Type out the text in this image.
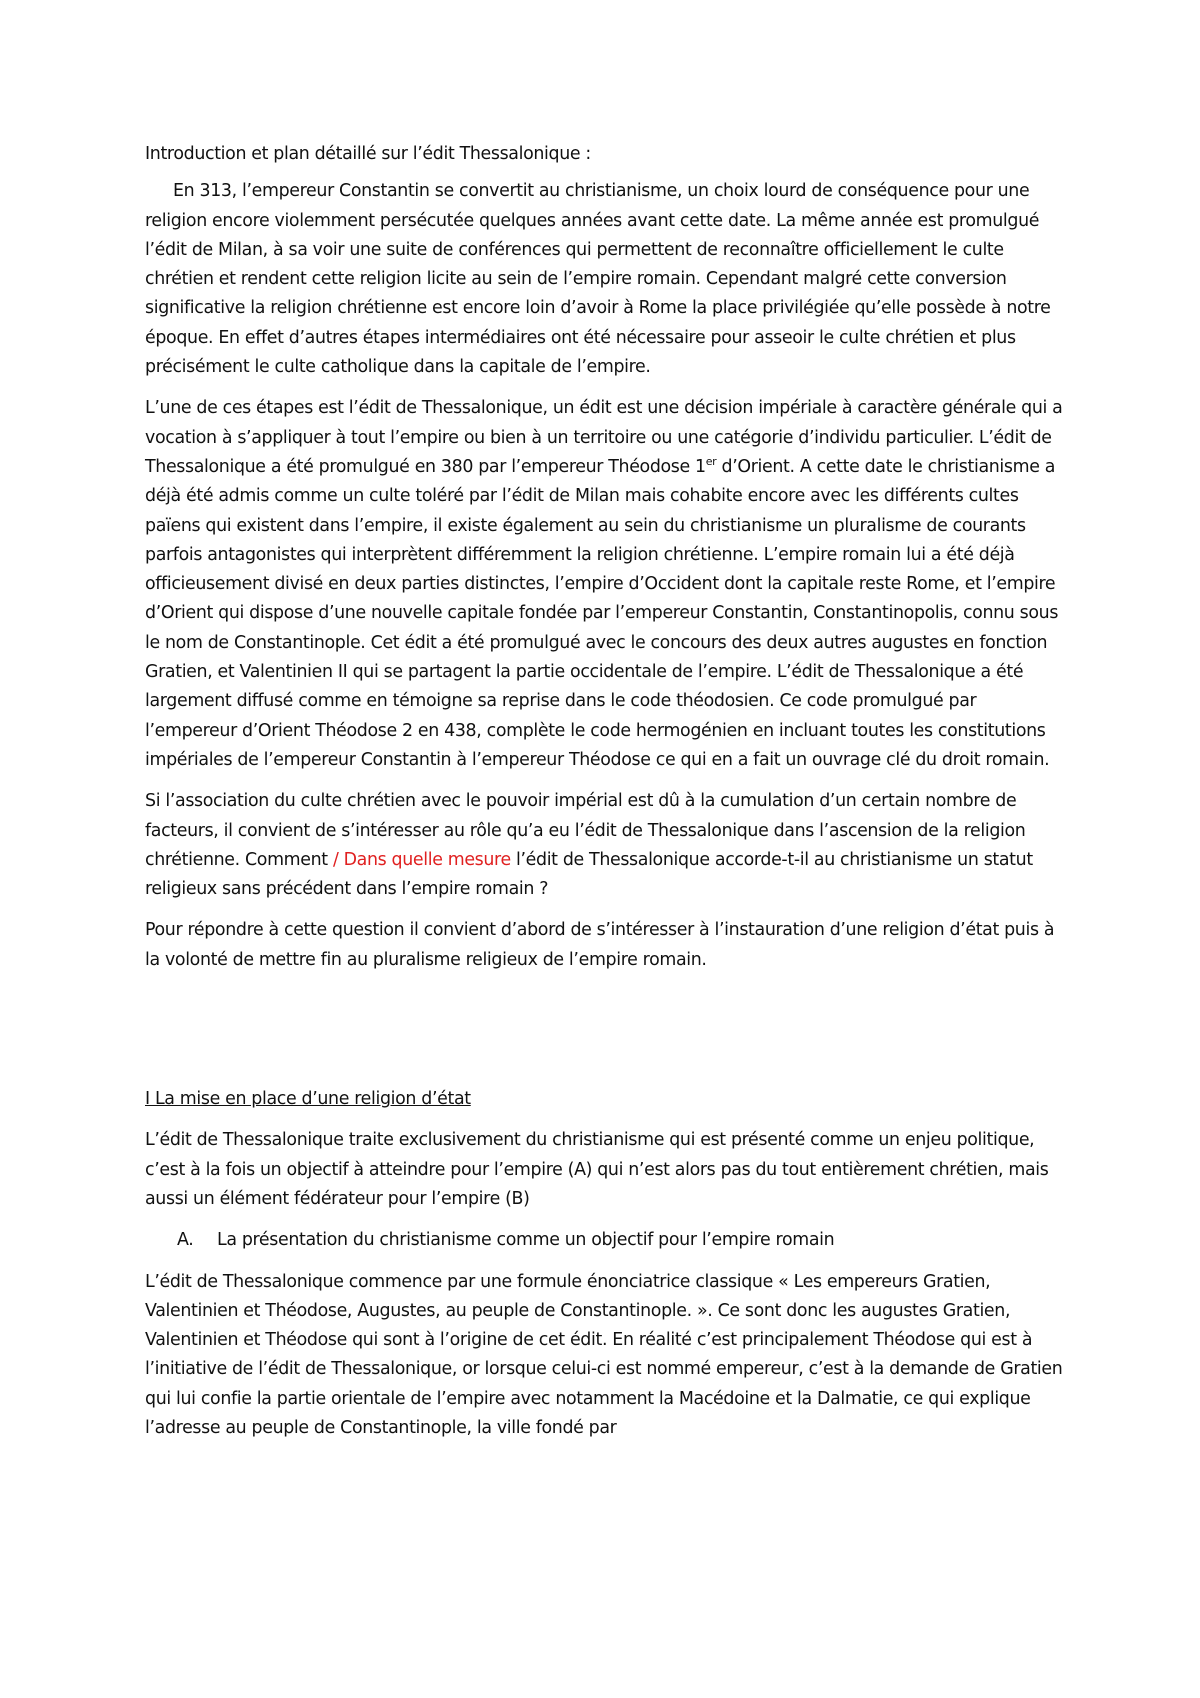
Introduction et plan détaillé sur l’édit Thessalonique :

En 313, l’empereur Constantin se convertit au christianisme, un choix lourd de conséquence pour une religion encore violemment persécutée quelques années avant cette date. La même année est promulgué l’édit de Milan, à sa voir une suite de conférences qui permettent de reconnaître officiellement le culte chrétien et rendent cette religion licite au sein de l’empire romain. Cependant malgré cette conversion significative la religion chrétienne est encore loin d’avoir à Rome la place privilégiée qu’elle possède à notre époque. En effet d’autres étapes intermédiaires ont été nécessaire pour asseoir le culte chrétien et plus précisément le culte catholique dans la capitale de l’empire.

L’une de ces étapes est l’édit de Thessalonique, un édit est une décision impériale à caractère générale qui a vocation à s’appliquer à tout l’empire ou bien à un territoire ou une catégorie d’individu particulier. L’édit de Thessalonique a été promulgué en 380 par l’empereur Théodose 1er d’Orient. A cette date le christianisme a déjà été admis comme un culte toléré par l’édit de Milan mais cohabite encore avec les différents cultes païens qui existent dans l’empire, il existe également au sein du christianisme un pluralisme de courants parfois antagonistes qui interprètent différemment la religion chrétienne. L’empire romain lui a été déjà officieusement divisé en deux parties distinctes, l’empire d’Occident dont la capitale reste Rome, et l’empire d’Orient qui dispose d’une nouvelle capitale fondée par l’empereur Constantin, Constantinopolis, connu sous le nom de Constantinople. Cet édit a été promulgué avec le concours des deux autres augustes en fonction Gratien, et Valentinien II qui se partagent la partie occidentale de l’empire. L’édit de Thessalonique a été largement diffusé comme en témoigne sa reprise dans le code théodosien. Ce code promulgué par l’empereur d’Orient Théodose 2 en 438, complète le code hermogénien en incluant toutes les constitutions impériales de l’empereur Constantin à l’empereur Théodose ce qui en a fait un ouvrage clé du droit romain.

Si l’association du culte chrétien avec le pouvoir impérial est dû à la cumulation d’un certain nombre de facteurs, il convient de s’intéresser au rôle qu’a eu l’édit de Thessalonique dans l’ascension de la religion chrétienne. Comment / Dans quelle mesure l’édit de Thessalonique accorde-t-il au christianisme un statut religieux sans précédent dans l’empire romain ?

Pour répondre à cette question il convient d’abord de s’intéresser à l’instauration d’une religion d’état puis à la volonté de mettre fin au pluralisme religieux de l’empire romain.

I La mise en place d’une religion d’état

L’édit de Thessalonique traite exclusivement du christianisme qui est présenté comme un enjeu politique, c’est à la fois un objectif à atteindre pour l’empire (A) qui n’est alors pas du tout entièrement chrétien, mais aussi un élément fédérateur pour l’empire (B)

A. La présentation du christianisme comme un objectif pour l’empire romain

L’édit de Thessalonique commence par une formule énonciatrice classique « Les empereurs Gratien, Valentinien et Théodose, Augustes, au peuple de Constantinople. ». Ce sont donc les augustes Gratien, Valentinien et Théodose qui sont à l’origine de cet édit. En réalité c’est principalement Théodose qui est à l’initiative de l’édit de Thessalonique, or lorsque celui-ci est nommé empereur, c’est à la demande de Gratien qui lui confie la partie orientale de l’empire avec notamment la Macédoine et la Dalmatie, ce qui explique l’adresse au peuple de Constantinople, la ville fondé par
